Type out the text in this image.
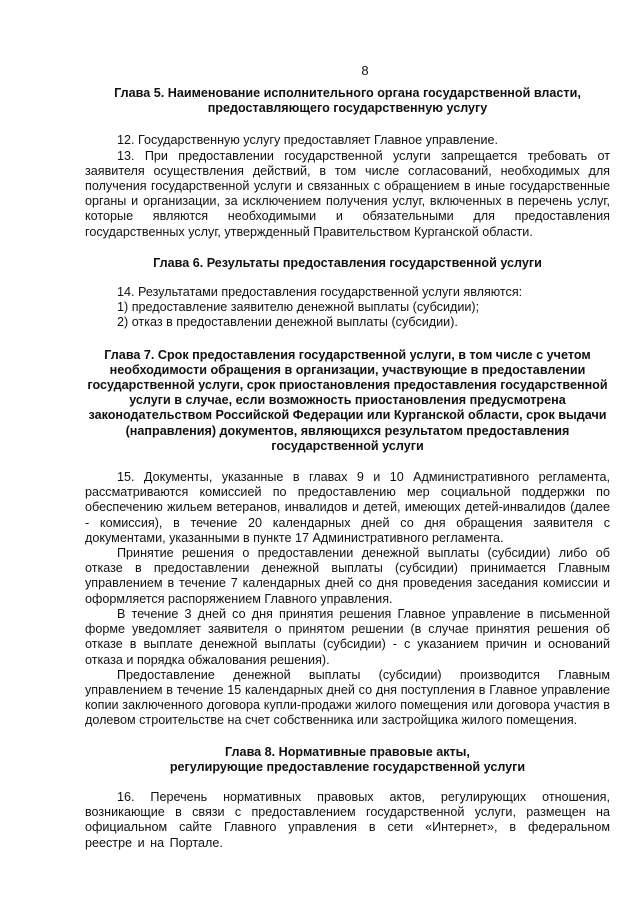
8
Глава 5. Наименование исполнительного органа государственной власти, предоставляющего государственную услугу

12. Государственную услугу предоставляет Главное управление.

13. При предоставлении государственной услуги запрещается требовать от заявителя осуществления действий, в том числе согласований, необходимых для получения государственной услуги и связанных с обращением в иные государственные органы и организации, за исключением получения услуг, включенных в перечень услуг, которые являются необходимыми и обязательными для предоставления государственных услуг, утвержденный Правительством Курганской области.

Глава 6. Результаты предоставления государственной услуги

14. Результатами предоставления государственной услуги являются:

1) предоставление заявителю денежной выплаты (субсидии);

2) отказ в предоставлении денежной выплаты (субсидии).

Глава 7. Срок предоставления государственной услуги, в том числе с учетом необходимости обращения в организации, участвующие в предоставлении государственной услуги, срок приостановления предоставления государственной услуги в случае, если возможность приостановления предусмотрена законодательством Российской Федерации или Курганской области, срок выдачи (направления) документов, являющихся результатом предоставления государственной услуги

15. Документы, указанные в главах 9 и 10 Административного регламента, рассматриваются комиссией по предоставлению мер социальной поддержки по обеспечению жильем ветеранов, инвалидов и детей, имеющих детей-инвалидов (далее - комиссия), в течение 20 календарных дней со дня обращения заявителя с документами, указанными в пункте 17 Административного регламента.

Принятие решения о предоставлении денежной выплаты (субсидии) либо об отказе в предоставлении денежной выплаты (субсидии) принимается Главным управлением в течение 7 календарных дней со дня проведения заседания комиссии и оформляется распоряжением Главного управления.

В течение 3 дней со дня принятия решения Главное управление в письменной форме уведомляет заявителя о принятом решении (в случае принятия решения об отказе в выплате денежной выплаты (субсидии) - с указанием причин и оснований отказа и порядка обжалования решения).

Предоставление денежной выплаты (субсидии) производится Главным управлением в течение 15 календарных дней со дня поступления в Главное управление копии заключенного договора купли-продажи жилого помещения или договора участия в долевом строительстве на счет собственника или застройщика жилого помещения.

Глава 8. Нормативные правовые акты,
регулирующие предоставление государственной услуги

16. Перечень нормативных правовых актов, регулирующих отношения, возникающие в связи с предоставлением государственной услуги, размещен на официальном сайте Главного управления в сети «Интернет», в федеральном реестре и на Портале.
